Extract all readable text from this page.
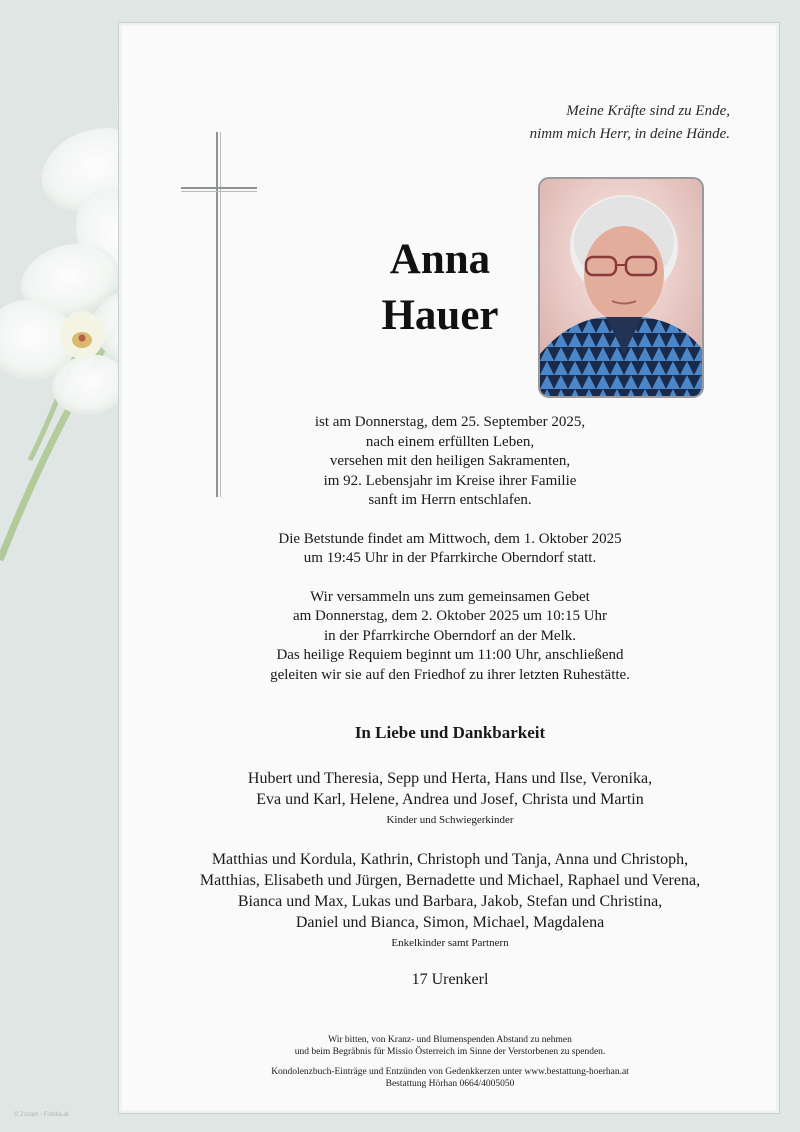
Meine Kräfte sind zu Ende,
nimm mich Herr, in deine Hände.
Anna
Hauer
ist am Donnerstag, dem 25. September 2025,
nach einem erfüllten Leben,
versehen mit den heiligen Sakramenten,
im 92. Lebensjahr im Kreise ihrer Familie
sanft im Herrn entschlafen.
Die Betstunde findet am Mittwoch, dem 1. Oktober 2025
um 19:45 Uhr in der Pfarrkirche Oberndorf statt.
Wir versammeln uns zum gemeinsamen Gebet
am Donnerstag, dem 2. Oktober 2025 um 10:15 Uhr
in der Pfarrkirche Oberndorf an der Melk.
Das heilige Requiem beginnt um 11:00 Uhr, anschließend
geleiten wir sie auf den Friedhof zu ihrer letzten Ruhestätte.
In Liebe und Dankbarkeit
Hubert und Theresia, Sepp und Herta, Hans und Ilse, Veronika,
Eva und Karl, Helene, Andrea und Josef, Christa und Martin
Kinder und Schwiegerkinder
Matthias und Kordula, Kathrin, Christoph und Tanja, Anna und Christoph,
Matthias, Elisabeth und Jürgen, Bernadette und Michael, Raphael und Verena,
Bianca und Max, Lukas und Barbara, Jakob, Stefan und Christina,
Daniel und Bianca, Simon, Michael, Magdalena
Enkelkinder samt Partnern
17 Urenkerl
Wir bitten, von Kranz- und Blumenspenden Abstand zu nehmen
und beim Begräbnis für Missio Österreich im Sinne der Verstorbenen zu spenden.
Kondolenzbuch-Einträge und Entzünden von Gedenkkerzen unter www.bestattung-hoerhan.at
Bestattung Hörhan 0664/4005050
© Zuzam - Fotolia.at
